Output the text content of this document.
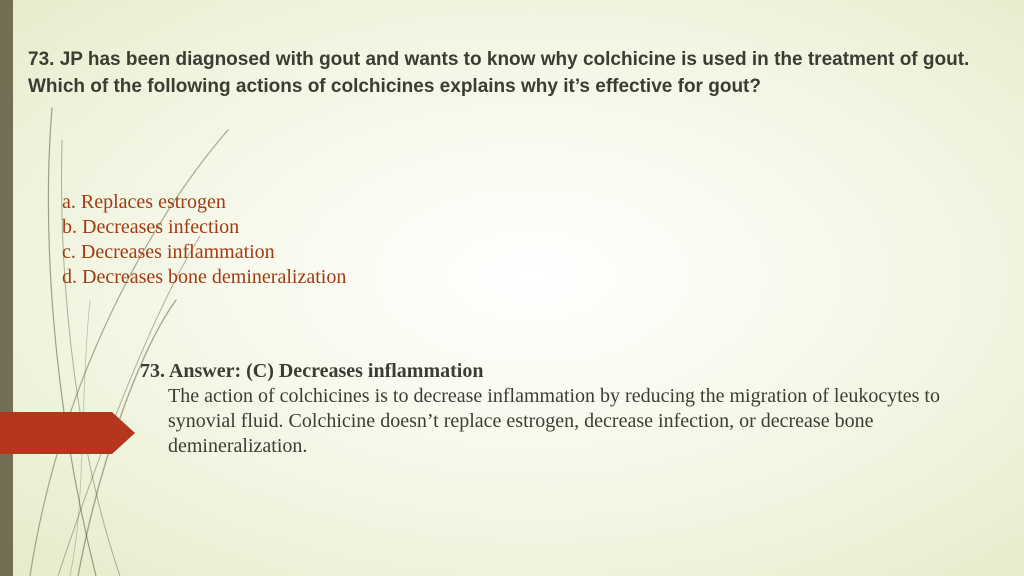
73. JP has been diagnosed with gout and wants to know why colchicine is used in the treatment of gout. Which of the following actions of colchicines explains why it’s effective for gout?

a. Replaces estrogen
b. Decreases infection
c. Decreases inflammation
d. Decreases bone demineralization
73. Answer: (C) Decreases inflammation

The action of colchicines is to decrease inflammation by reducing the migration of leukocytes to synovial fluid. Colchicine doesn’t replace estrogen, decrease infection, or decrease bone demineralization.
